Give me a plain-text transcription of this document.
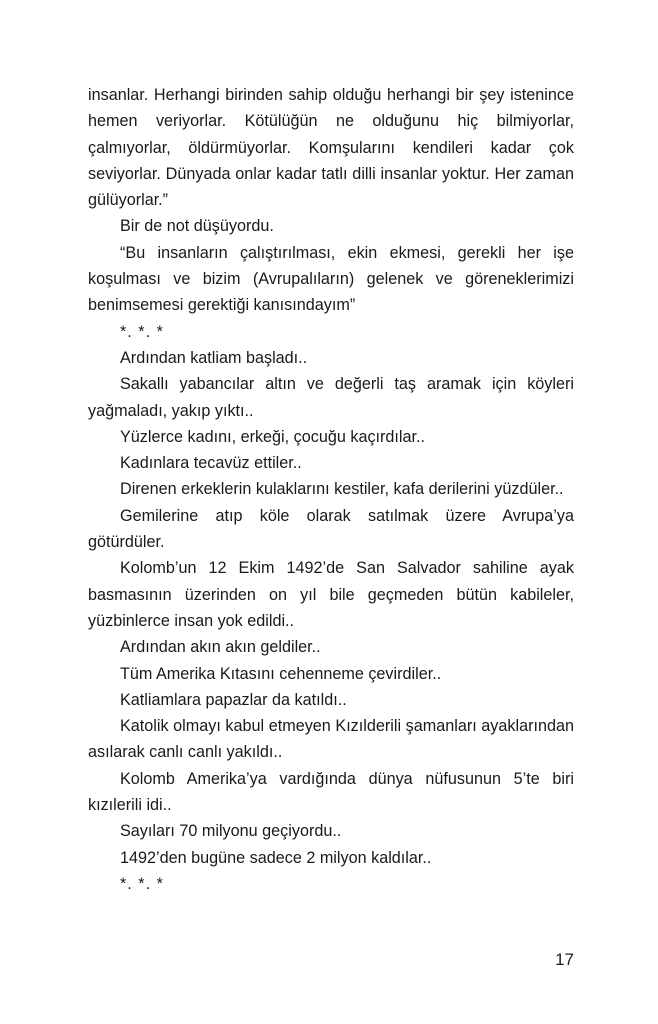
insanlar. Herhangi birinden sahip olduğu herhangi bir şey istenince hemen veriyorlar. Kötülüğün ne olduğunu hiç bilmiyorlar, çalmıyorlar, öldürmüyorlar. Komşularını kendileri kadar çok seviyorlar. Dünyada onlar kadar tatlı dilli insanlar yoktur. Her zaman gülüyorlar.”

Bir de not düşüyordu.

“Bu insanların çalıştırılması, ekin ekmesi, gerekli her işe koşulması ve bizim (Avrupalıların) gelenek ve göreneklerimizi benimsemesi gerektiği kanısındayım”

*. *. *

Ardından katliam başladı..

Sakallı yabancılar altın ve değerli taş aramak için köyleri yağmaladı, yakıp yıktı..

Yüzlerce kadını, erkeği, çocuğu kaçırdılar..

Kadınlara tecavüz ettiler..

Direnen erkeklerin kulaklarını kestiler, kafa derilerini yüzdüler..

Gemilerine atıp köle olarak satılmak üzere Avrupa’ya götürdüler.

Kolomb’un 12 Ekim 1492’de San Salvador sahiline ayak basmasının üzerinden on yıl bile geçmeden bütün kabileler, yüzbinlerce insan yok edildi..

Ardından akın akın geldiler..

Tüm Amerika Kıtasını cehenneme çevirdiler..

Katliamlara papazlar da katıldı..

Katolik olmayı kabul etmeyen Kızılderili şamanları ayaklarından asılarak canlı canlı yakıldı..

Kolomb Amerika’ya vardığında dünya nüfusunun 5’te biri kızılerili idi..

Sayıları 70 milyonu geçiyordu..

1492’den bugüne sadece 2 milyon kaldılar..

*. *. *

17
